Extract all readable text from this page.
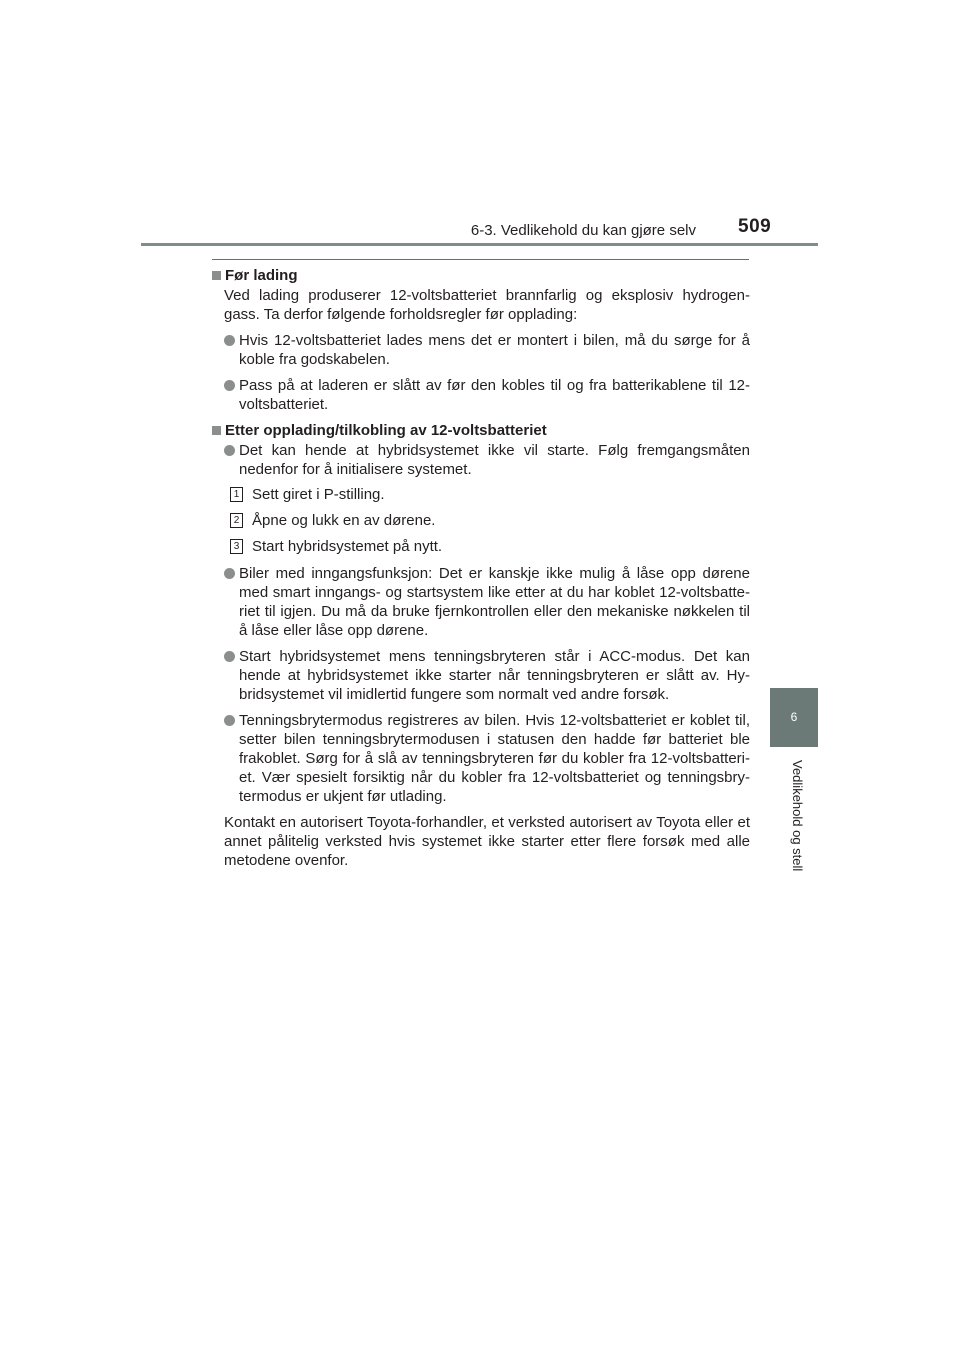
6-3. Vedlikehold du kan gjøre selv 509
6
Vedlikehold og stell
Før lading
Ved lading produserer 12-voltsbatteriet brannfarlig og eksplosiv hydrogen-gass. Ta derfor følgende forholdsregler før opplading:
Hvis 12-voltsbatteriet lades mens det er montert i bilen, må du sørge for å koble fra godskabelen.
Pass på at laderen er slått av før den kobles til og fra batterikablene til 12-voltsbatteriet.
Etter opplading/tilkobling av 12-voltsbatteriet
Det kan hende at hybridsystemet ikke vil starte. Følg fremgangsmåten nedenfor for å initialisere systemet.
1 Sett giret i P-stilling.
2 Åpne og lukk en av dørene.
3 Start hybridsystemet på nytt.
Biler med inngangsfunksjon: Det er kanskje ikke mulig å låse opp dørene med smart inngangs- og startsystem like etter at du har koblet 12-voltsbatte-riet til igjen. Du må da bruke fjernkontrollen eller den mekaniske nøkkelen til å låse eller låse opp dørene.
Start hybridsystemet mens tenningsbryteren står i ACC-modus. Det kan hende at hybridsystemet ikke starter når tenningsbryteren er slått av. Hy-bridsystemet vil imidlertid fungere som normalt ved andre forsøk.
Tenningsbrytermodus registreres av bilen. Hvis 12-voltsbatteriet er koblet til, setter bilen tenningsbrytermodusen i statusen den hadde før batteriet ble frakoblet. Sørg for å slå av tenningsbryteren før du kobler fra 12-voltsbatteri-et. Vær spesielt forsiktig når du kobler fra 12-voltsbatteriet og tenningsbry-termodus er ukjent før utlading.
Kontakt en autorisert Toyota-forhandler, et verksted autorisert av Toyota eller et annet pålitelig verksted hvis systemet ikke starter etter flere forsøk med alle metodene ovenfor.
